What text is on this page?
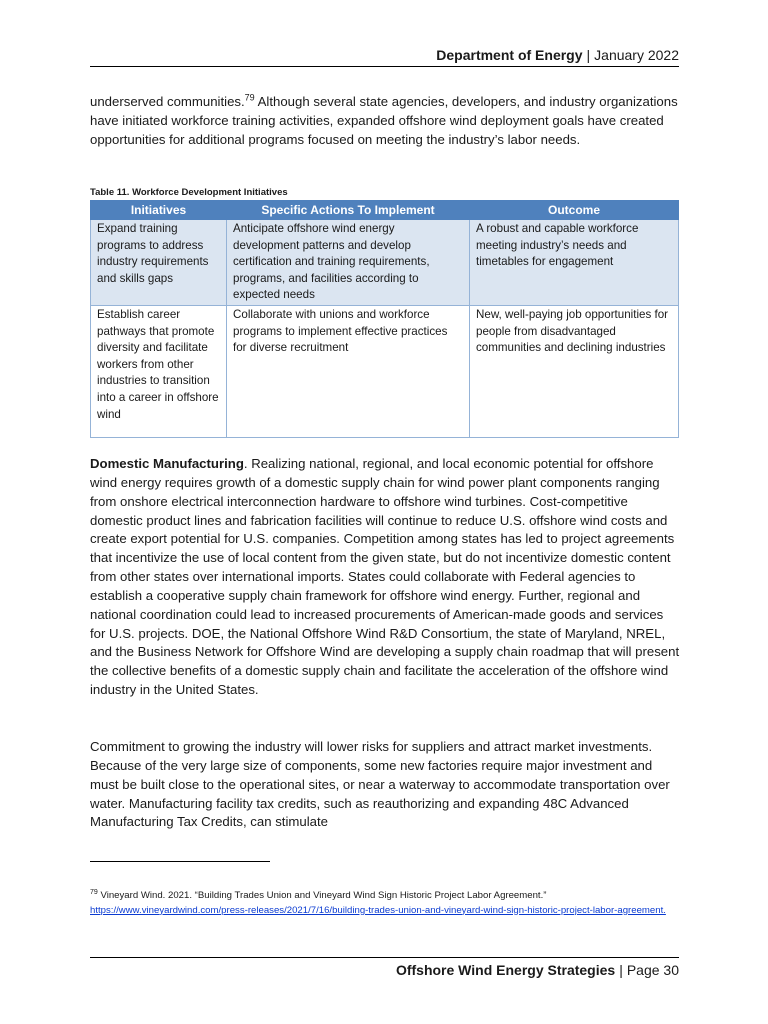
Department of Energy | January 2022

underserved communities.$^{79}$ Although several state agencies, developers, and industry organizations have initiated workforce training activities, expanded offshore wind deployment goals have created opportunities for additional programs focused on meeting the industry’s labor needs.

Table 11. Workforce Development Initiatives

Initiatives	Specific Actions To Implement	Outcome
Expand training programs to address industry requirements and skills gaps	Anticipate offshore wind energy development patterns and develop certification and training requirements, programs, and facilities according to expected needs	A robust and capable workforce meeting industry’s needs and timetables for engagement
Establish career pathways that promote diversity and facilitate workers from other industries to transition into a career in offshore wind	Collaborate with unions and workforce programs to implement effective practices for diverse recruitment	New, well-paying job opportunities for people from disadvantaged communities and declining industries

Domestic Manufacturing. Realizing national, regional, and local economic potential for offshore wind energy requires growth of a domestic supply chain for wind power plant components ranging from onshore electrical interconnection hardware to offshore wind turbines. Cost-competitive domestic product lines and fabrication facilities will continue to reduce U.S. offshore wind costs and create export potential for U.S. companies. Competition among states has led to project agreements that incentivize the use of local content from the given state, but do not incentivize domestic content from other states over international imports. States could collaborate with Federal agencies to establish a cooperative supply chain framework for offshore wind energy. Further, regional and national coordination could lead to increased procurements of American-made goods and services for U.S. projects. DOE, the National Offshore Wind R&D Consortium, the state of Maryland, NREL, and the Business Network for Offshore Wind are developing a supply chain roadmap that will present the collective benefits of a domestic supply chain and facilitate the acceleration of the offshore wind industry in the United States.

Commitment to growing the industry will lower risks for suppliers and attract market investments. Because of the very large size of components, some new factories require major investment and must be built close to the operational sites, or near a waterway to accommodate transportation over water. Manufacturing facility tax credits, such as reauthorizing and expanding 48C Advanced Manufacturing Tax Credits, can stimulate

$^{79}$ Vineyard Wind. 2021. “Building Trades Union and Vineyard Wind Sign Historic Project Labor Agreement.”
https://www.vineyardwind.com/press-releases/2021/7/16/building-trades-union-and-vineyard-wind-sign-historic-project-labor-agreement.
Offshore Wind Energy Strategies | Page 30
